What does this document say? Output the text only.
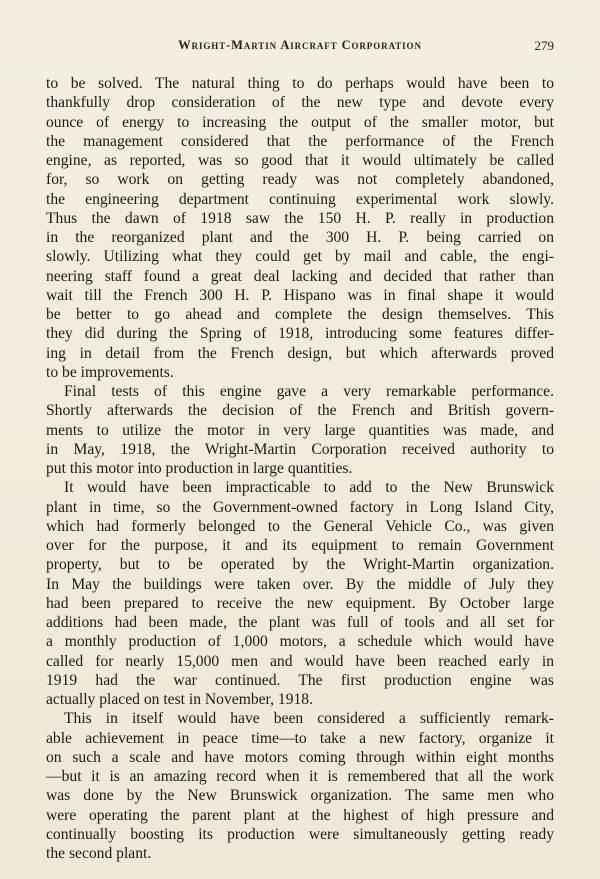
Wright-Martin Aircraft Corporation	279
to be solved. The natural thing to do perhaps would have been to
thankfully drop consideration of the new type and devote every
ounce of energy to increasing the output of the smaller motor, but
the management considered that the performance of the French
engine, as reported, was so good that it would ultimately be called
for, so work on getting ready was not completely abandoned,
the engineering department continuing experimental work slowly.
Thus the dawn of 1918 saw the 150 H. P. really in production
in the reorganized plant and the 300 H. P. being carried on
slowly. Utilizing what they could get by mail and cable, the engi-
neering staff found a great deal lacking and decided that rather than
wait till the French 300 H. P. Hispano was in final shape it would
be better to go ahead and complete the design themselves. This
they did during the Spring of 1918, introducing some features differ-
ing in detail from the French design, but which afterwards proved
to be improvements.
Final tests of this engine gave a very remarkable performance.
Shortly afterwards the decision of the French and British govern-
ments to utilize the motor in very large quantities was made, and
in May, 1918, the Wright-Martin Corporation received authority to
put this motor into production in large quantities.
It would have been impracticable to add to the New Brunswick
plant in time, so the Government-owned factory in Long Island City,
which had formerly belonged to the General Vehicle Co., was given
over for the purpose, it and its equipment to remain Government
property, but to be operated by the Wright-Martin organization.
In May the buildings were taken over. By the middle of July they
had been prepared to receive the new equipment. By October large
additions had been made, the plant was full of tools and all set for
a monthly production of 1,000 motors, a schedule which would have
called for nearly 15,000 men and would have been reached early in
1919 had the war continued. The first production engine was
actually placed on test in November, 1918.
This in itself would have been considered a sufficiently remark-
able achievement in peace time—to take a new factory, organize it
on such a scale and have motors coming through within eight months
—but it is an amazing record when it is remembered that all the work
was done by the New Brunswick organization. The same men who
were operating the parent plant at the highest of high pressure and
continually boosting its production were simultaneously getting ready
the second plant.
